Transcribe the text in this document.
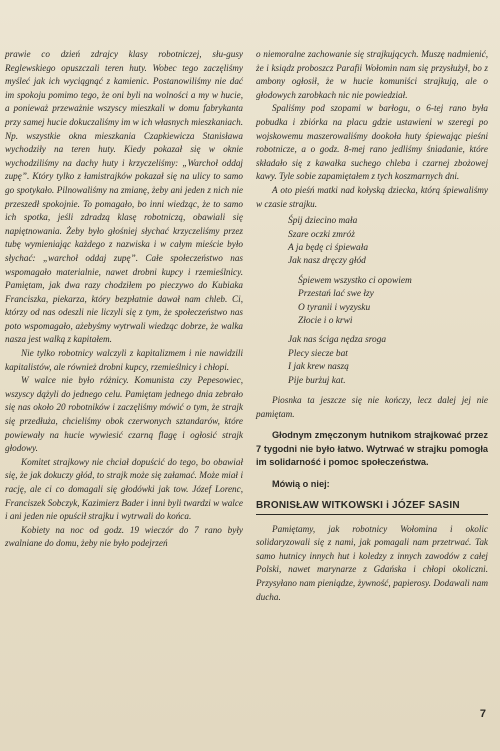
prawie co dzień zdrajcy klasy robotniczej, słu-gusy Reglewskiego opuszczali teren huty. Wobec tego zaczęliśmy myśleć jak ich wyciągnąć z kamienic. Postanowiliśmy nie dać im spokoju pomimo tego, że oni byli na wolności a my w hucie, a ponieważ przeważnie wszyscy mieszkali w domu fabrykanta przy samej hucie dokuczaliśmy im w ich własnych mieszkaniach. Np. wszystkie okna mieszkania Czapkiewicza Stanisława wychodziły na teren huty. Kiedy pokazał się w oknie wychodziliśmy na dachy huty i krzyczeliśmy: „Warchoł oddaj zupę”. Który tylko z łamistrajków pokazał się na ulicy to samo go spotykało. Pilnowaliśmy na zmianę, żeby ani jeden z nich nie przeszedł spokojnie. To pomagało, bo inni wiedząc, że to samo ich spotka, jeśli zdradzą klasę robotniczą, obawiali się napiętnowania. Żeby było głośniej słychać krzyczeliśmy przez tubę wymieniając każdego z nazwiska i w całym mieście było słychać: „warchoł oddaj zupę”. Całe społeczeństwo nas wspomagało materialnie, nawet drobni kupcy i rzemieślnicy. Pamiętam, jak dwa razy chodziłem po pieczywo do Kubiaka Franciszka, piekarza, który bezpłatnie dawał nam chleb. Ci, którzy od nas odeszli nie liczyli się z tym, że społeczeństwo nas poto wspomagało, ażebyśmy wytrwali wiedząc dobrze, że walka nasza jest walką z kapitałem.

Nie tylko robotnicy walczyli z kapitalizmem i nie nawidzili kapitalistów, ale również drobni kupcy, rzemieślnicy i chłopi.

W walce nie było różnicy. Komunista czy Pepesowiec, wszyscy dążyli do jednego celu. Pamiętam jednego dnia zebrało się nas około 20 robotników i zaczęliśmy mówić o tym, że strajk się przedłuża, chcieliśmy obok czerwonych sztandarów, które powiewały na hucie wywiesić czarną flagę i ogłosić strajk głodowy.

Komitet strajkowy nie chciał dopuścić do tego, bo obawiał się, że jak dokuczy głód, to strajk może się załamać. Może miał i rację, ale ci co domagali się głodówki jak tow. Józef Lorenc, Franciszek Sobczyk, Kazimierz Bader i inni byli twardzi w walce i ani jeden nie opuścił strajku i wytrwali do końca.

Kobiety na noc od godz. 19 wieczór do 7 rano były zwalniane do domu, żeby nie było podejrzeń

o niemoralne zachowanie się strajkujących. Muszę nadmienić, że i ksiądz proboszcz Parafii Wołomin nam się przysłużył, bo z ambony ogłosił, że w hucie komuniści strajkują, ale o głodowych zarobkach nic nie powiedział.

Spaliśmy pod szopami w barłogu, o 6-tej rano była pobudka i zbiórka na placu gdzie ustawieni w szeregi po wojskowemu maszerowaliśmy dookoła huty śpiewając pieśni robotnicze, a o godz. 8-mej rano jedliśmy śniadanie, które składało się z kawałka suchego chleba i czarnej zbożowej kawy. Tyle sobie zapamiętałem z tych koszmarnych dni.

A oto pieśń matki nad kołyską dziecka, którą śpiewaliśmy w czasie strajku.

Śpij dziecino mała
Szare oczki zmróż
A ja będę ci śpiewała
Jak nasz dręczy głód
Śpiewem wszystko ci opowiem
Przestań lać swe łzy
O tyranii i wyzysku
Złocie i o krwi
Jak nas ściga nędza sroga
Plecy siecze bat
I jak krew naszą
Pije burżuj kat.

Piosnka ta jeszcze się nie kończy, lecz dalej jej nie pamiętam.

Głodnym zmęczonym hutnikom strajkować przez 7 tygodni nie było łatwo. Wytrwać w strajku pomogła im solidarność i pomoc społeczeństwa.

Mówią o niej:

BRONISŁAW WITKOWSKI i JÓZEF SASIN

Pamiętamy, jak robotnicy Wołomina i okolic solidaryzowali się z nami, jak pomagali nam przetrwać. Tak samo hutnicy innych hut i koledzy z innych zawodów z całej Polski, nawet marynarze z Gdańska i chłopi okoliczni. Przysyłano nam pieniądze, żywność, papierosy. Dodawali nam ducha.

7
